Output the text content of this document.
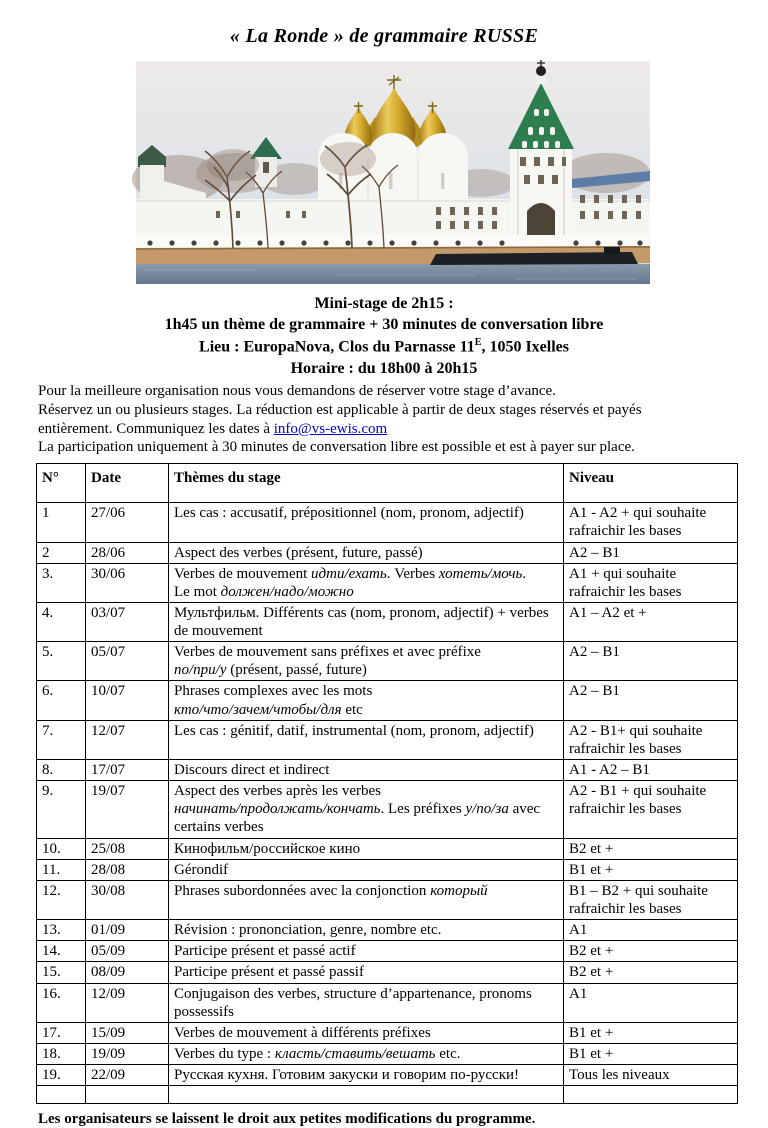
« La Ronde » de grammaire RUSSE
Mini-stage de 2h15 :
1h45 un thème de grammaire + 30 minutes de conversation libre
Lieu : EuropaNova, Clos du Parnasse $11^E$, 1050 Ixelles
Horaire : du 18h00 à 20h15
Pour la meilleure organisation nous vous demandons de réserver votre stage d’avance.
Réservez un ou plusieurs stages. La réduction est applicable à partir de deux stages réservés et payés
entièrement. Communiquez les dates à info@vs-ewis.com
La participation uniquement à 30 minutes de conversation libre est possible et est à payer sur place.
N°	Date	Thèmes du stage	Niveau
1	27/06	Les cas : accusatif, prépositionnel (nom, pronom, adjectif)	A1 - A2 + qui souhaite rafraichir les bases
2	28/06	Aspect des verbes (présent, future, passé)	A2 – B1
3.	30/06	Verbes de mouvement идти/ехать. Verbes хотеть/мочь.
Le mot должен/надо/можно	A1 + qui souhaite rafraichir les bases
4.	03/07	Мультфильм. Différents cas (nom, pronom, adjectif) + verbes de mouvement	A1 – A2 et +
5.	05/07	Verbes de mouvement sans préfixes et avec préfixe
по/при/у (présent, passé, future)	A2 – B1
6.	10/07	Phrases complexes avec les mots
кто/что/зачем/чтобы/для etc	A2 – B1
7.	12/07	Les cas : génitif, datif, instrumental (nom, pronom, adjectif)	A2 - B1+ qui souhaite rafraichir les bases
8.	17/07	Discours direct et indirect	A1 - A2 – B1
9.	19/07	Aspect des verbes après les verbes
начинать/продолжать/кончать. Les préfixes у/по/за avec certains verbes	A2 - B1 + qui souhaite rafraichir les bases
10.	25/08	Кинофильм/российское кино	B2 et +
11.	28/08	Gérondif	B1 et +
12.	30/08	Phrases subordonnées avec la conjonction который	B1 – B2 + qui souhaite rafraichir les bases
13.	01/09	Révision : prononciation, genre, nombre etc.	A1
14.	05/09	Participe présent et passé actif	B2 et +
15.	08/09	Participe présent et passé passif	B2 et +
16.	12/09	Conjugaison des verbes, structure d’appartenance, pronoms possessifs	A1
17.	15/09	Verbes de mouvement à différents préfixes	B1 et +
18.	19/09	Verbes du type : класть/ставить/вешать etc.	B1 et +
19.	22/09	Русская кухня. Готовим закуски и говорим по-русски!	Tous les niveaux

Les organisateurs se laissent le droit aux petites modifications du programme.
